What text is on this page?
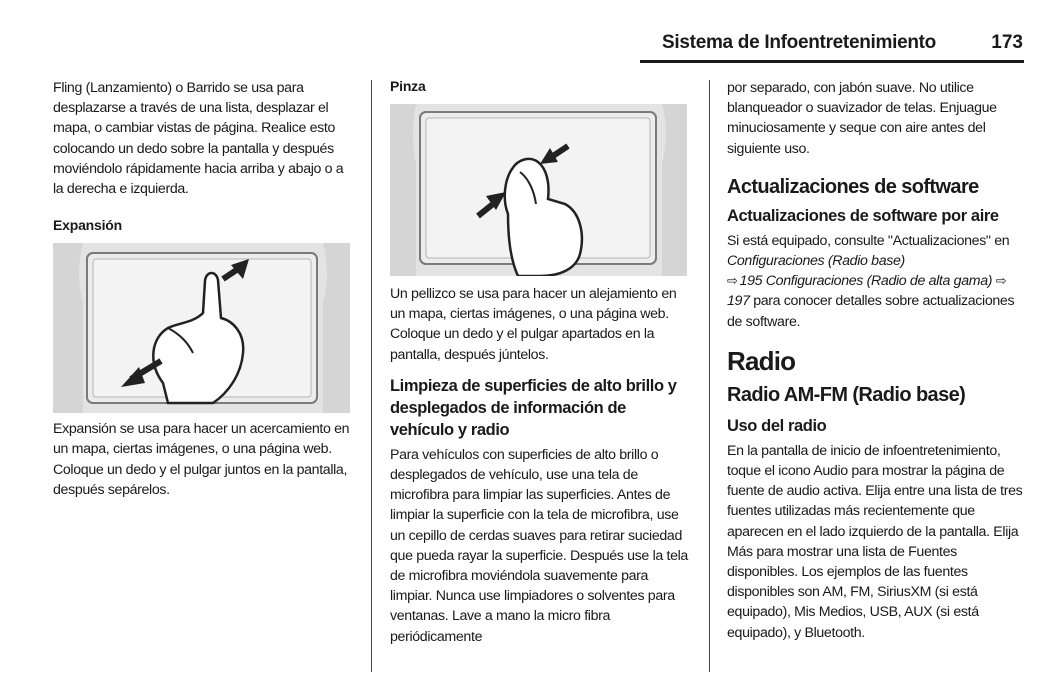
Sistema de Infoentretenimiento	173

Fling (Lanzamiento) o Barrido se usa para desplazarse a través de una lista, desplazar el mapa, o cambiar vistas de página. Realice esto colocando un dedo sobre la pantalla y después moviéndolo rápidamente hacia arriba y abajo o a la derecha e izquierda.

Expansión

Expansión se usa para hacer un acercamiento en un mapa, ciertas imágenes, o una página web. Coloque un dedo y el pulgar juntos en la pantalla, después sepárelos.

Pinza

Un pellizco se usa para hacer un alejamiento en un mapa, ciertas imágenes, o una página web. Coloque un dedo y el pulgar apartados en la pantalla, después júntelos.

Limpieza de superficies de alto brillo y desplegados de información de vehículo y radio

Para vehículos con superficies de alto brillo o desplegados de vehículo, use una tela de microfibra para limpiar las superficies. Antes de limpiar la superficie con la tela de microfibra, use un cepillo de cerdas suaves para retirar suciedad que pueda rayar la superficie. Después use la tela de microfibra moviéndola suavemente para limpiar. Nunca use limpiadores o solventes para ventanas. Lave a mano la micro fibra periódicamente

por separado, con jabón suave. No utilice blanqueador o suavizador de telas. Enjuague minuciosamente y seque con aire antes del siguiente uso.

Actualizaciones de software

Actualizaciones de software por aire

Si está equipado, consulte "Actualizaciones" en Configuraciones (Radio base)
⇨ 195 Configuraciones (Radio de alta gama) ⇨197 para conocer detalles sobre actualizaciones de software.

Radio

Radio AM-FM (Radio base)

Uso del radio

En la pantalla de inicio de infoentretenimiento, toque el icono Audio para mostrar la página de fuente de audio activa. Elija entre una lista de tres fuentes utilizadas más recientemente que aparecen en el lado izquierdo de la pantalla. Elija Más para mostrar una lista de Fuentes disponibles. Los ejemplos de las fuentes disponibles son AM, FM, SiriusXM (si está equipado), Mis Medios, USB, AUX (si está equipado), y Bluetooth.
